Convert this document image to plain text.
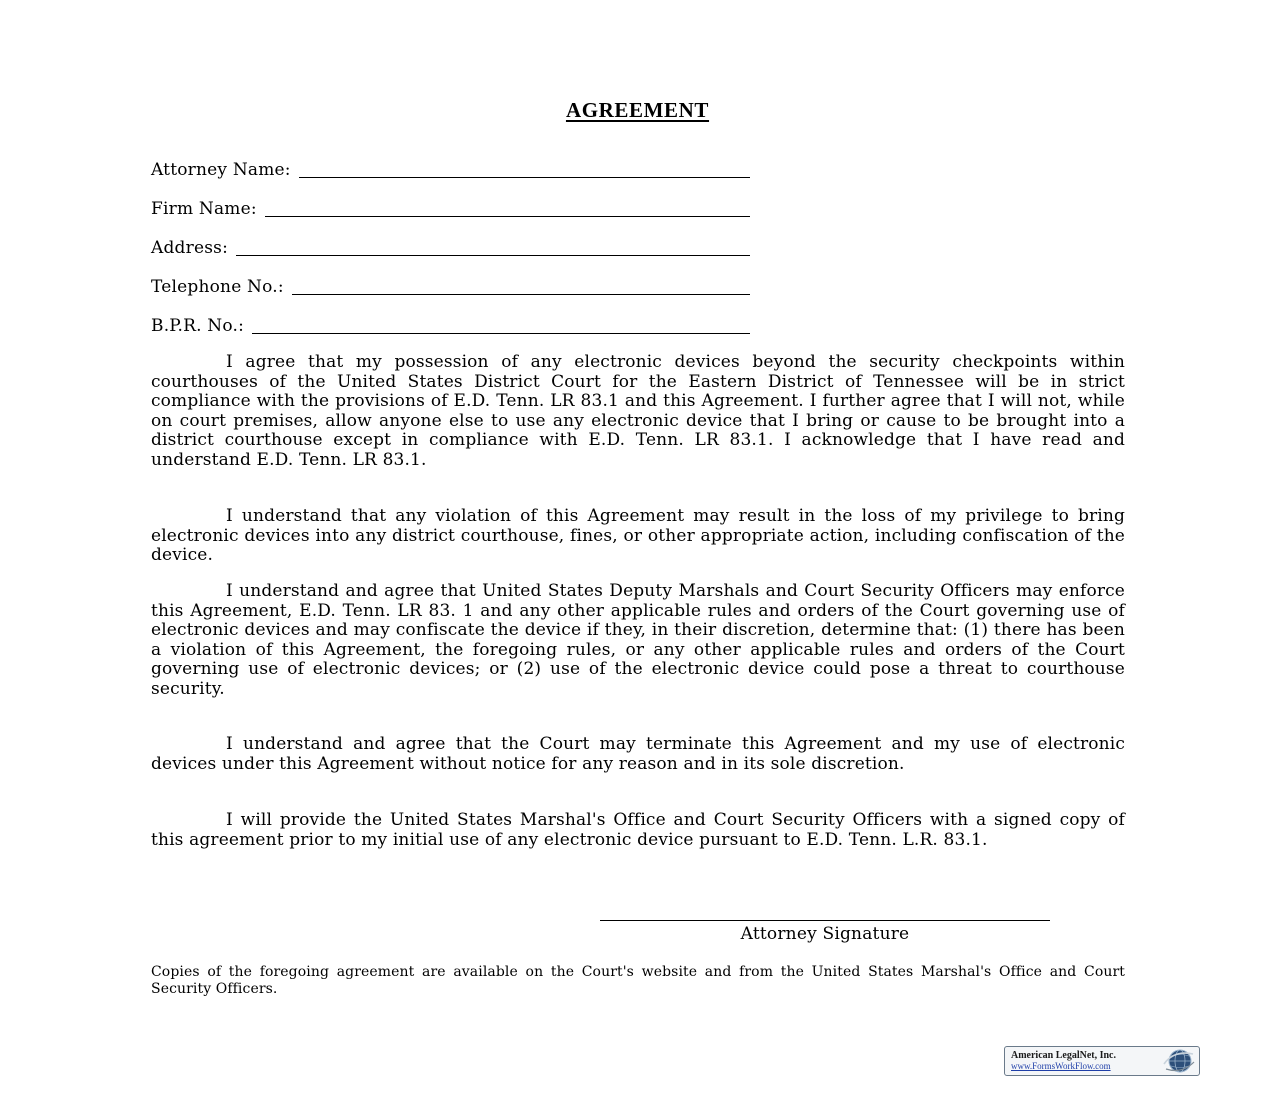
AGREEMENT
Attorney Name:
Firm Name:
Address:
Telephone No.:
B.P.R. No.:

I agree that my possession of any electronic devices beyond the security checkpoints within courthouses of the United States District Court for the Eastern District of Tennessee will be in strict compliance with the provisions of E.D. Tenn. LR 83.1 and this Agreement. I further agree that I will not, while on court premises, allow anyone else to use any electronic device that I bring or cause to be brought into a district courthouse except in compliance with E.D. Tenn. LR 83.1. I acknowledge that I have read and understand E.D. Tenn. LR 83.1.

I understand that any violation of this Agreement may result in the loss of my privilege to bring electronic devices into any district courthouse, fines, or other appropriate action, including confiscation of the device.

I understand and agree that United States Deputy Marshals and Court Security Officers may enforce this Agreement, E.D. Tenn. LR 83. 1 and any other applicable rules and orders of the Court governing use of electronic devices and may confiscate the device if they, in their discretion, determine that: (1) there has been a violation of this Agreement, the foregoing rules, or any other applicable rules and orders of the Court governing use of electronic devices; or (2) use of the electronic device could pose a threat to courthouse security.

I understand and agree that the Court may terminate this Agreement and my use of electronic devices under this Agreement without notice for any reason and in its sole discretion.

I will provide the United States Marshal's Office and Court Security Officers with a signed copy of this agreement prior to my initial use of any electronic device pursuant to E.D. Tenn. L.R. 83.1.

Attorney Signature

Copies of the foregoing agreement are available on the Court's website and from the United States Marshal's Office and Court Security Officers.

American LegalNet, Inc.
www.FormsWorkFlow.com
